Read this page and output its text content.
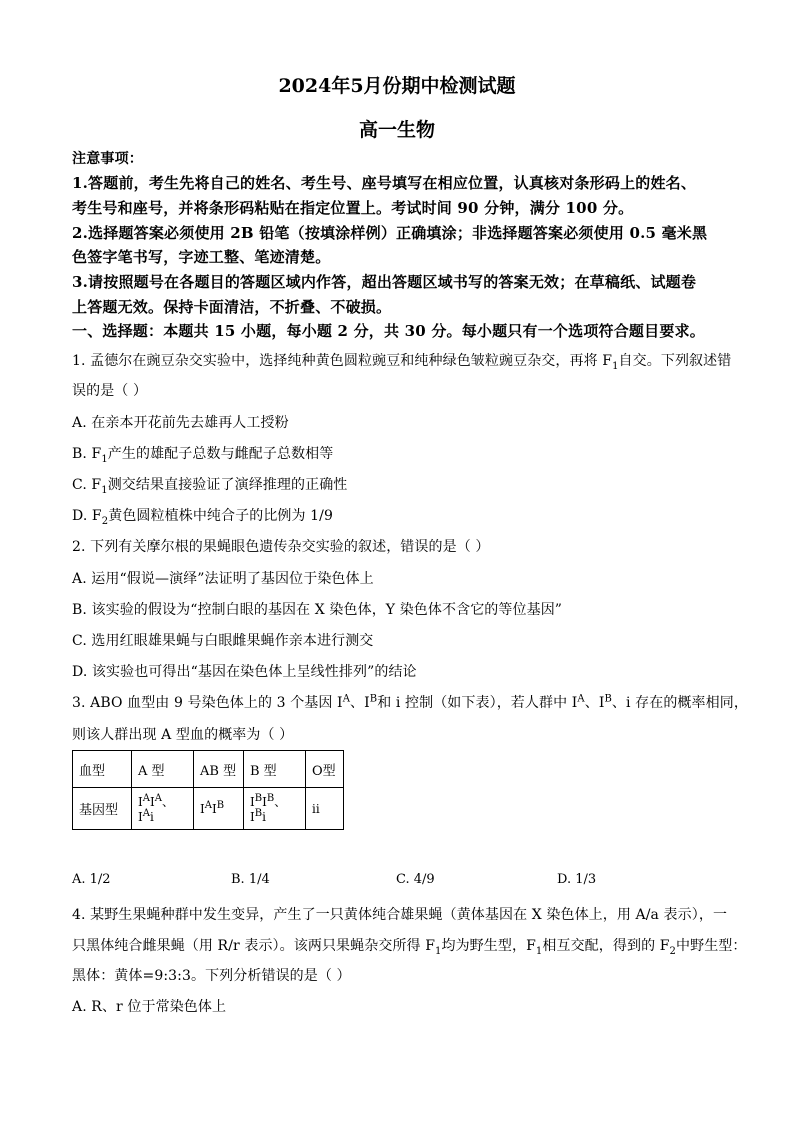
2024年5月份期中检测试题
高一生物
注意事项：
1.答题前，考生先将自己的姓名、考生号、座号填写在相应位置，认真核对条形码上的姓名、
考生号和座号，并将条形码粘贴在指定位置上。考试时间 90 分钟，满分 100 分。
2.选择题答案必须使用 2B 铅笔（按填涂样例）正确填涂；非选择题答案必须使用 0.5 毫米黑
色签字笔书写，字迹工整、笔迹清楚。
3.请按照题号在各题目的答题区域内作答，超出答题区域书写的答案无效；在草稿纸、试题卷
上答题无效。保持卡面清洁，不折叠、不破损。
一、选择题：本题共 15 小题，每小题 2 分，共 30 分。每小题只有一个选项符合题目要求。
1. 孟德尔在豌豆杂交实验中，选择纯种黄色圆粒豌豆和纯种绿色皱粒豌豆杂交，再将 $F_1$自交。下列叙述错
误的是（ ）
A. 在亲本开花前先去雄再人工授粉
B. $F_1$产生的雄配子总数与雌配子总数相等
C. $F_1$测交结果直接验证了演绎推理的正确性
D. $F_2$黄色圆粒植株中纯合子的比例为 1/9
2. 下列有关摩尔根的果蝇眼色遗传杂交实验的叙述，错误的是（ ）
A. 运用“假说—演绎”法证明了基因位于染色体上
B. 该实验的假设为“控制白眼的基因在 X 染色体，Y 染色体不含它的等位基因”
C. 选用红眼雄果蝇与白眼雌果蝇作亲本进行测交
D. 该实验也可得出“基因在染色体上呈线性排列”的结论
3. ABO 血型由 9 号染色体上的 3 个基因 $I^A$、$I^B$和 i 控制（如下表），若人群中 $I^A$、$I^B$、i 存在的概率相同，
则该人群出现 A 型血的概率为（ ）
血型	A 型	AB 型	B 型	O型
基因型	$I^AI^A$、$I^Ai$	$I^AI^B$	$I^BI^B$、$I^Bi$	ii
A. 1/2	B. 1/4	C. 4/9	D. 1/3
4. 某野生果蝇种群中发生变异，产生了一只黄体纯合雄果蝇（黄体基因在 X 染色体上，用 A/a 表示），一
只黑体纯合雌果蝇（用 R/r 表示）。该两只果蝇杂交所得 $F_1$均为野生型，$F_1$相互交配，得到的 $F_2$中野生型：
黑体：黄体=9:3:3。下列分析错误的是（ ）
A. R、r 位于常染色体上
